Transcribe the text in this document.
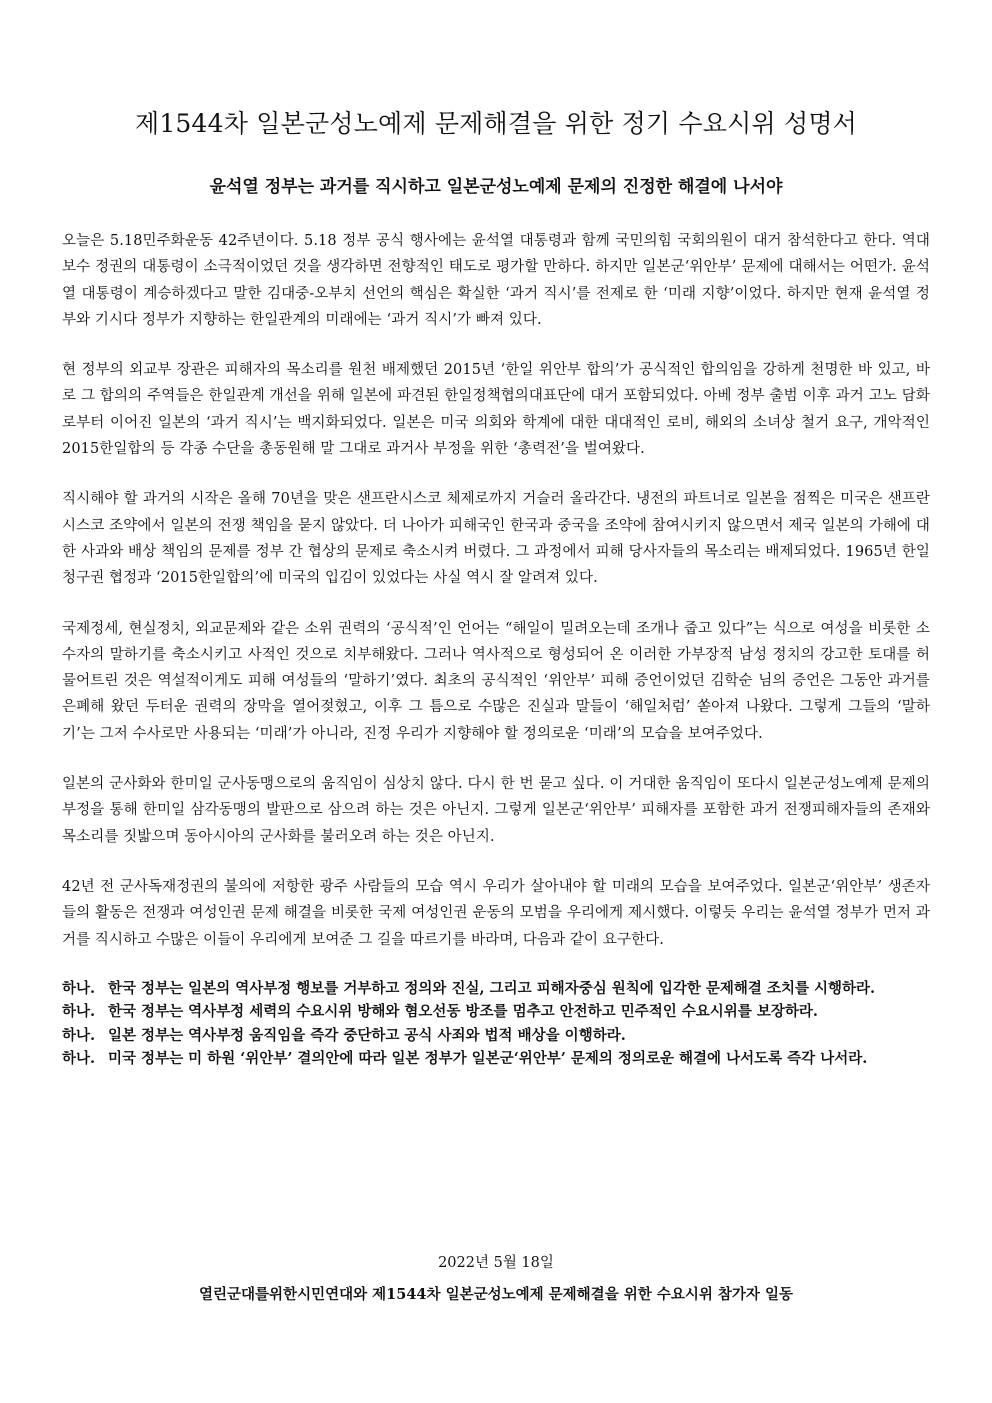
제1544차 일본군성노예제 문제해결을 위한 정기 수요시위 성명서
윤석열 정부는 과거를 직시하고 일본군성노예제 문제의 진정한 해결에 나서야

오늘은 5.18민주화운동 42주년이다. 5.18 정부 공식 행사에는 윤석열 대통령과 함께 국민의힘 국회의원이 대거 참석한다고 한다. 역대 보수 정권의 대통령이 소극적이었던 것을 생각하면 전향적인 태도로 평가할 만하다. 하지만 일본군‘위안부’ 문제에 대해서는 어떤가. 윤석열 대통령이 계승하겠다고 말한 김대중-오부치 선언의 핵심은 확실한 ‘과거 직시’를 전제로 한 ‘미래 지향’이었다. 하지만 현재 윤석열 정부와 기시다 정부가 지향하는 한일관계의 미래에는 ‘과거 직시’가 빠져 있다.

현 정부의 외교부 장관은 피해자의 목소리를 원천 배제했던 2015년 ‘한일 위안부 합의’가 공식적인 합의임을 강하게 천명한 바 있고, 바로 그 합의의 주역들은 한일관계 개선을 위해 일본에 파견된 한일정책협의대표단에 대거 포함되었다. 아베 정부 출범 이후 과거 고노 담화로부터 이어진 일본의 ‘과거 직시’는 백지화되었다. 일본은 미국 의회와 학계에 대한 대대적인 로비, 해외의 소녀상 철거 요구, 개악적인 2015한일합의 등 각종 수단을 총동원해 말 그대로 과거사 부정을 위한 ‘총력전’을 벌여왔다.

직시해야 할 과거의 시작은 올해 70년을 맞은 샌프란시스코 체제로까지 거슬러 올라간다. 냉전의 파트너로 일본을 점찍은 미국은 샌프란시스코 조약에서 일본의 전쟁 책임을 묻지 않았다. 더 나아가 피해국인 한국과 중국을 조약에 참여시키지 않으면서 제국 일본의 가해에 대한 사과와 배상 책임의 문제를 정부 간 협상의 문제로 축소시켜 버렸다. 그 과정에서 피해 당사자들의 목소리는 배제되었다. 1965년 한일 청구권 협정과 ‘2015한일합의’에 미국의 입김이 있었다는 사실 역시 잘 알려져 있다.

국제정세, 현실정치, 외교문제와 같은 소위 권력의 ‘공식적’인 언어는 “해일이 밀려오는데 조개나 줍고 있다”는 식으로 여성을 비롯한 소수자의 말하기를 축소시키고 사적인 것으로 치부해왔다. 그러나 역사적으로 형성되어 온 이러한 가부장적 남성 정치의 강고한 토대를 허물어트린 것은 역설적이게도 피해 여성들의 ‘말하기’였다. 최초의 공식적인 ‘위안부’ 피해 증언이었던 김학순 님의 증언은 그동안 과거를 은폐해 왔던 두터운 권력의 장막을 열어젖혔고, 이후 그 틈으로 수많은 진실과 말들이 ‘해일처럼’ 쏟아져 나왔다. 그렇게 그들의 ‘말하기’는 그저 수사로만 사용되는 ‘미래’가 아니라, 진정 우리가 지향해야 할 정의로운 ‘미래’의 모습을 보여주었다.

일본의 군사화와 한미일 군사동맹으로의 움직임이 심상치 않다. 다시 한 번 묻고 싶다. 이 거대한 움직임이 또다시 일본군성노예제 문제의 부정을 통해 한미일 삼각동맹의 발판으로 삼으려 하는 것은 아닌지. 그렇게 일본군‘위안부’ 피해자를 포함한 과거 전쟁피해자들의 존재와 목소리를 짓밟으며 동아시아의 군사화를 불러오려 하는 것은 아닌지.

42년 전 군사독재정권의 불의에 저항한 광주 사람들의 모습 역시 우리가 살아내야 할 미래의 모습을 보여주었다. 일본군‘위안부’ 생존자들의 활동은 전쟁과 여성인권 문제 해결을 비롯한 국제 여성인권 운동의 모범을 우리에게 제시했다. 이렇듯 우리는 윤석열 정부가 먼저 과거를 직시하고 수많은 이들이 우리에게 보여준 그 길을 따르기를 바라며, 다음과 같이 요구한다.

하나. 한국 정부는 일본의 역사부정 행보를 거부하고 정의와 진실, 그리고 피해자중심 원칙에 입각한 문제해결 조치를 시행하라.
하나. 한국 정부는 역사부정 세력의 수요시위 방해와 혐오선동 방조를 멈추고 안전하고 민주적인 수요시위를 보장하라.
하나. 일본 정부는 역사부정 움직임을 즉각 중단하고 공식 사죄와 법적 배상을 이행하라.
하나. 미국 정부는 미 하원 ‘위안부’ 결의안에 따라 일본 정부가 일본군‘위안부’ 문제의 정의로운 해결에 나서도록 즉각 나서라.

2022년 5월 18일

열린군대를위한시민연대와 제1544차 일본군성노예제 문제해결을 위한 수요시위 참가자 일동
